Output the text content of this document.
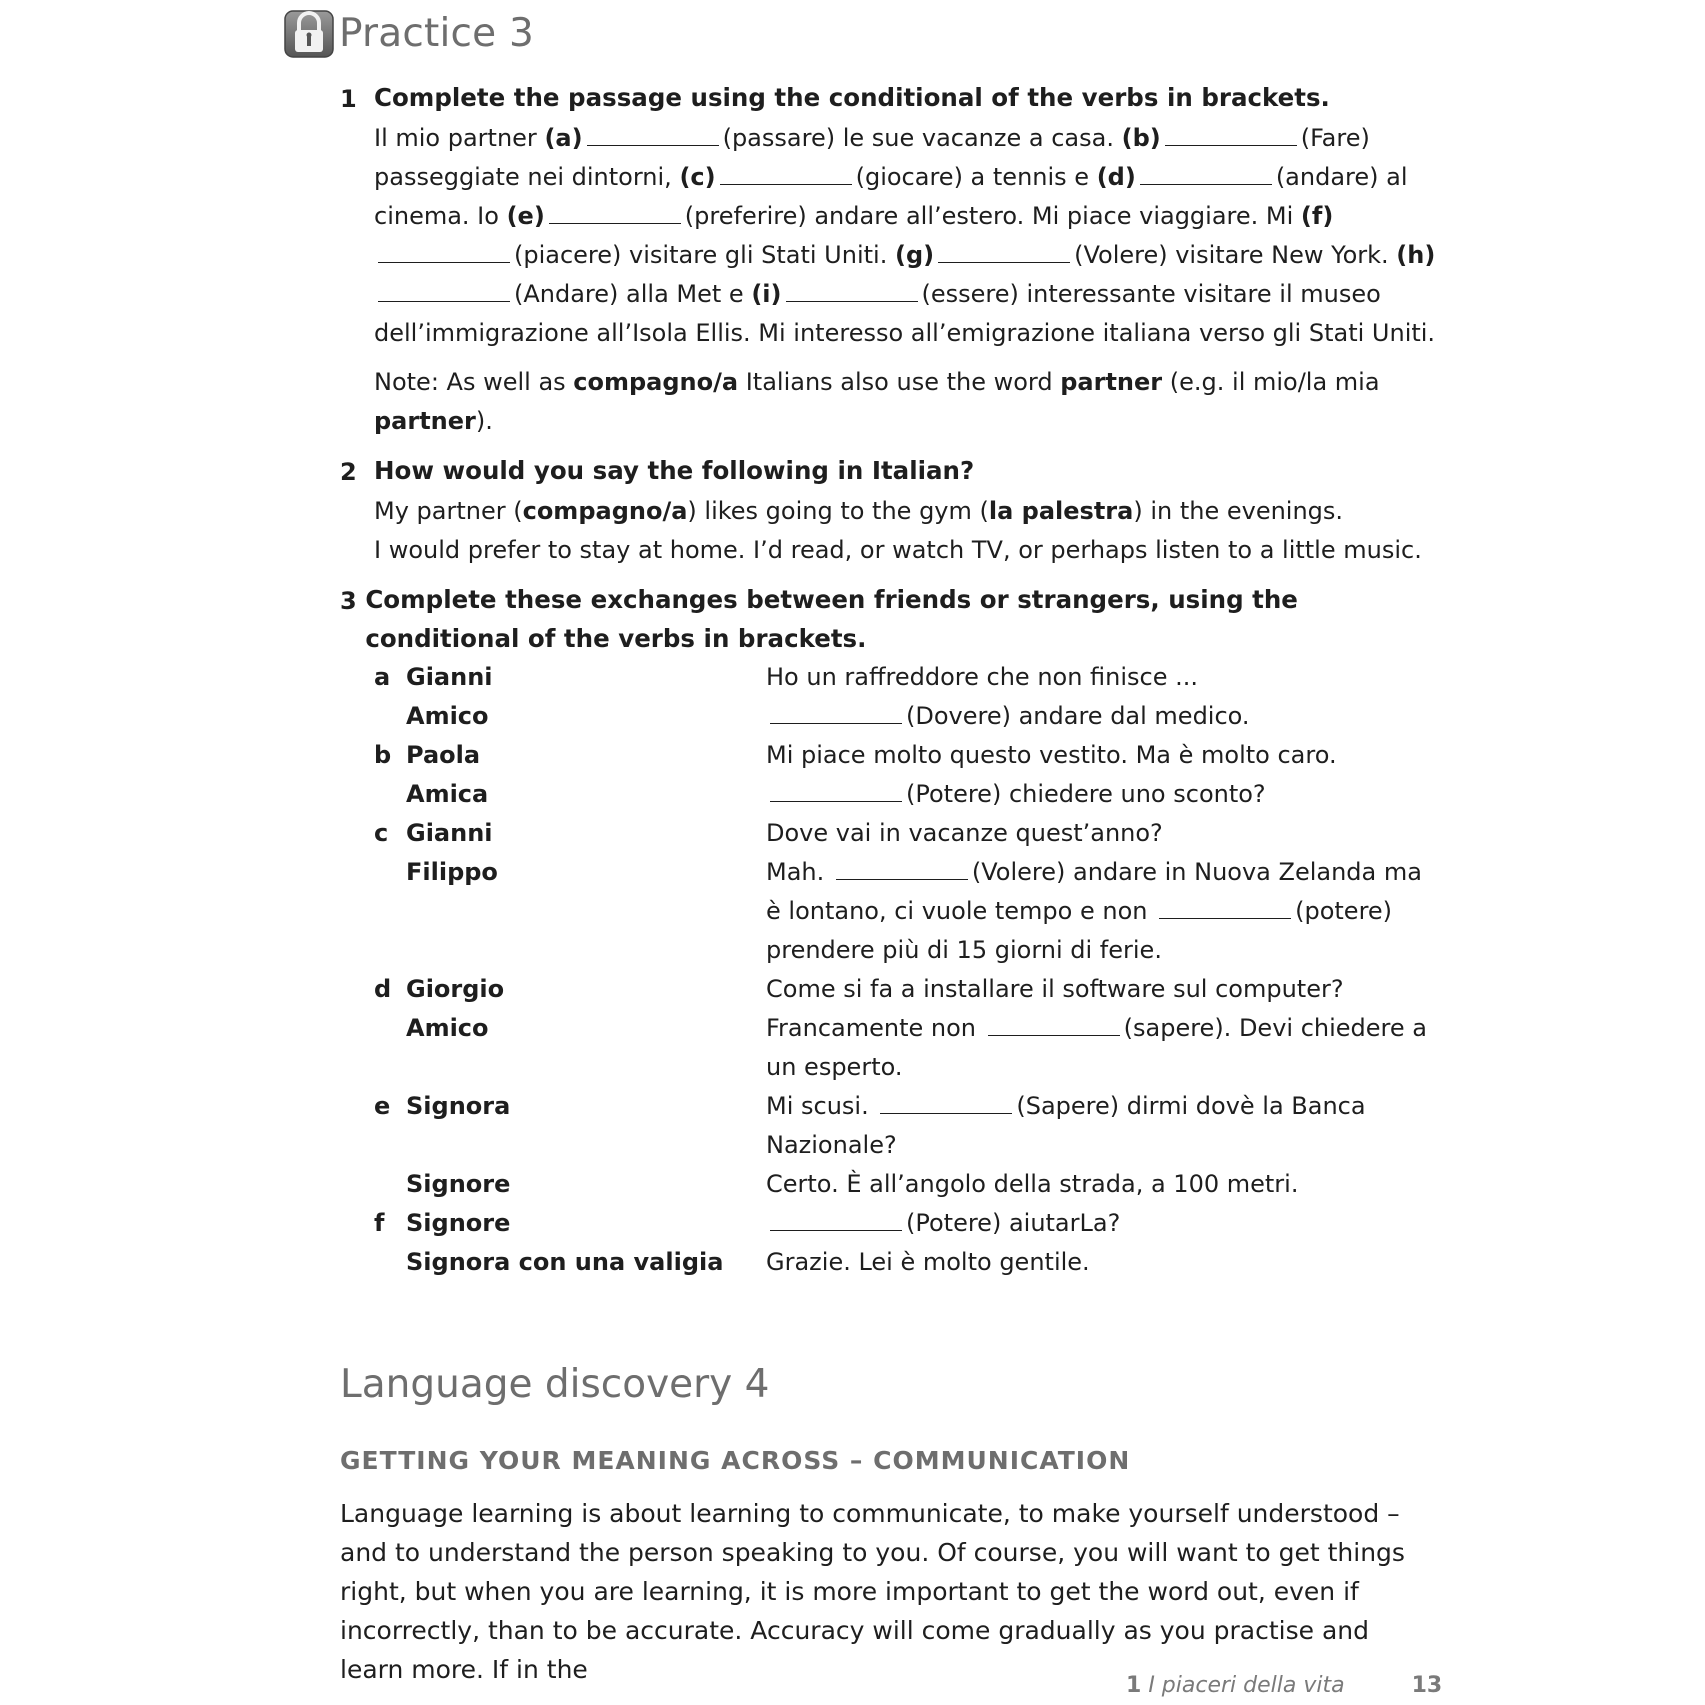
Practice 3
1 Complete the passage using the conditional of the verbs in brackets.

Il mio partner (a)	(passare) le sue vacanze a casa. (b)	(Fare) passeggiate nei dintorni, (c)	(giocare) a tennis e (d)	(andare) al cinema. Io (e)	(preferire) andare all’estero. Mi piace viaggiare. Mi (f)(piacere) visitare gli Stati Uniti. (g)	(Volere) visitare New York. (h)(Andare) alla Met e (i)	(essere) interessante visitare il museo dell’immigrazione all’Isola Ellis. Mi interesso all’emigrazione italiana verso gli Stati Uniti.

Note: As well as compagno/a Italians also use the word partner (e.g. il mio/la mia partner).

2 How would you say the following in Italian?

My partner (compagno/a) likes going to the gym (la palestra) in the evenings.
I would prefer to stay at home. I’d read, or watch TV, or perhaps listen to a little music.

3 Complete these exchanges between friends or strangers, using the conditional of the verbs in brackets.
a Gianni	Ho un raffreddore che non finisce ...
Amico	(Dovere) andare dal medico.
b Paola	Mi piace molto questo vestito. Ma è molto caro.
Amica	(Potere) chiedere uno sconto?
c Gianni	Dove vai in vacanze quest’anno?
Filippo	Mah.	(Volere) andare in Nuova Zelanda ma è lontano, ci vuole tempo e non	(potere) prendere più di 15 giorni di ferie.
d Giorgio	Come si fa a installare il software sul computer?
Amico	Francamente non	(sapere). Devi chiedere a un esperto.
e Signora	Mi scusi.	(Sapere) dirmi dovè la Banca Nazionale?
Signore	Certo. È all’angolo della strada, a 100 metri.
f Signore	(Potere) aiutarLa?
Signora con una valigia	Grazie. Lei è molto gentile.
Language discovery 4
GETTING YOUR MEANING ACROSS – COMMUNICATION
Language learning is about learning to communicate, to make yourself understood – and to understand the person speaking to you. Of course, you will want to get things right, but when you are learning, it is more important to get the word out, even if incorrectly, than to be accurate. Accuracy will come gradually as you practise and learn more. If in the
1 I piaceri della vita	13
